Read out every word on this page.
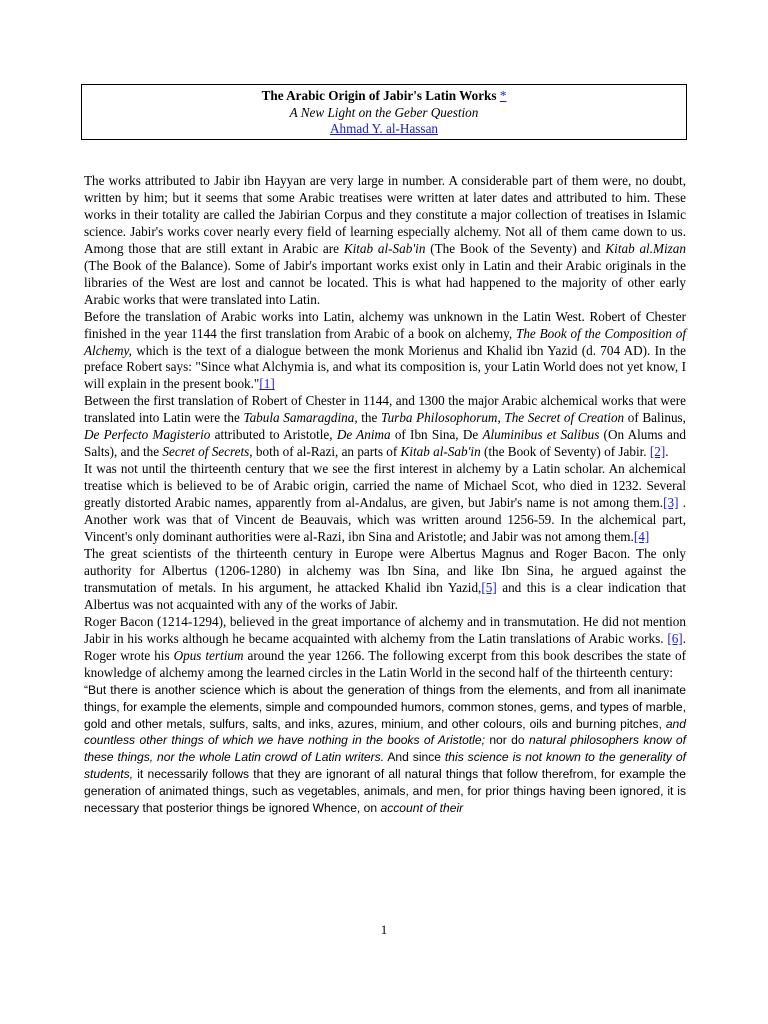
The Arabic Origin of Jabir's Latin Works *
A New Light on the Geber Question
Ahmad Y. al-Hassan

The works attributed to Jabir ibn Hayyan are very large in number. A considerable part of them were, no doubt, written by him; but it seems that some Arabic treatises were written at later dates and attributed to him. These works in their totality are called the Jabirian Corpus and they constitute a major collection of treatises in Islamic science. Jabir's works cover nearly every field of learning especially alchemy. Not all of them came down to us. Among those that are still extant in Arabic are Kitab al-Sab'in (The Book of the Seventy) and Kitab al.Mizan (The Book of the Balance). Some of Jabir's important works exist only in Latin and their Arabic originals in the libraries of the West are lost and cannot be located. This is what had happened to the majority of other early Arabic works that were translated into Latin.

Before the translation of Arabic works into Latin, alchemy was unknown in the Latin West. Robert of Chester finished in the year 1144 the first translation from Arabic of a book on alchemy, The Book of the Composition of Alchemy, which is the text of a dialogue between the monk Morienus and Khalid ibn Yazid (d. 704 AD). In the preface Robert says: "Since what Alchymia is, and what its composition is, your Latin World does not yet know, I will explain in the present book."[1]

Between the first translation of Robert of Chester in 1144, and 1300 the major Arabic alchemical works that were translated into Latin were the Tabula Samaragdina, the Turba Philosophorum, The Secret of Creation of Balinus, De Perfecto Magisterio attributed to Aristotle, De Anima of Ibn Sina, De Aluminibus et Salibus (On Alums and Salts), and the Secret of Secrets, both of al-Razi, an parts of Kitab al-Sab'in (the Book of Seventy) of Jabir. [2].

It was not until the thirteenth century that we see the first interest in alchemy by a Latin scholar. An alchemical treatise which is believed to be of Arabic origin, carried the name of Michael Scot, who died in 1232. Several greatly distorted Arabic names, apparently from al-Andalus, are given, but Jabir's name is not among them.[3] . Another work was that of Vincent de Beauvais, which was written around 1256-59. In the alchemical part, Vincent's only dominant authorities were al-Razi, ibn Sina and Aristotle; and Jabir was not among them.[4]

The great scientists of the thirteenth century in Europe were Albertus Magnus and Roger Bacon. The only authority for Albertus (1206-1280) in alchemy was Ibn Sina, and like Ibn Sina, he argued against the transmutation of metals. In his argument, he attacked Khalid ibn Yazid,[5] and this is a clear indication that Albertus was not acquainted with any of the works of Jabir.

Roger Bacon (1214-1294), believed in the great importance of alchemy and in transmutation. He did not mention Jabir in his works although he became acquainted with alchemy from the Latin translations of Arabic works. [6]. Roger wrote his Opus tertium around the year 1266. The following excerpt from this book describes the state of knowledge of alchemy among the learned circles in the Latin World in the second half of the thirteenth century:

“But there is another science which is about the generation of things from the elements, and from all inanimate things, for example the elements, simple and compounded humors, common stones, gems, and types of marble, gold and other metals, sulfurs, salts, and inks, azures, minium, and other colours, oils and burning pitches, and countless other things of which we have nothing in the books of Aristotle; nor do natural philosophers know of these things, nor the whole Latin crowd of Latin writers. And since this science is not known to the generality of students, it necessarily follows that they are ignorant of all natural things that follow therefrom, for example the generation of animated things, such as vegetables, animals, and men, for prior things having been ignored, it is necessary that posterior things be ignored Whence, on account of their

1
